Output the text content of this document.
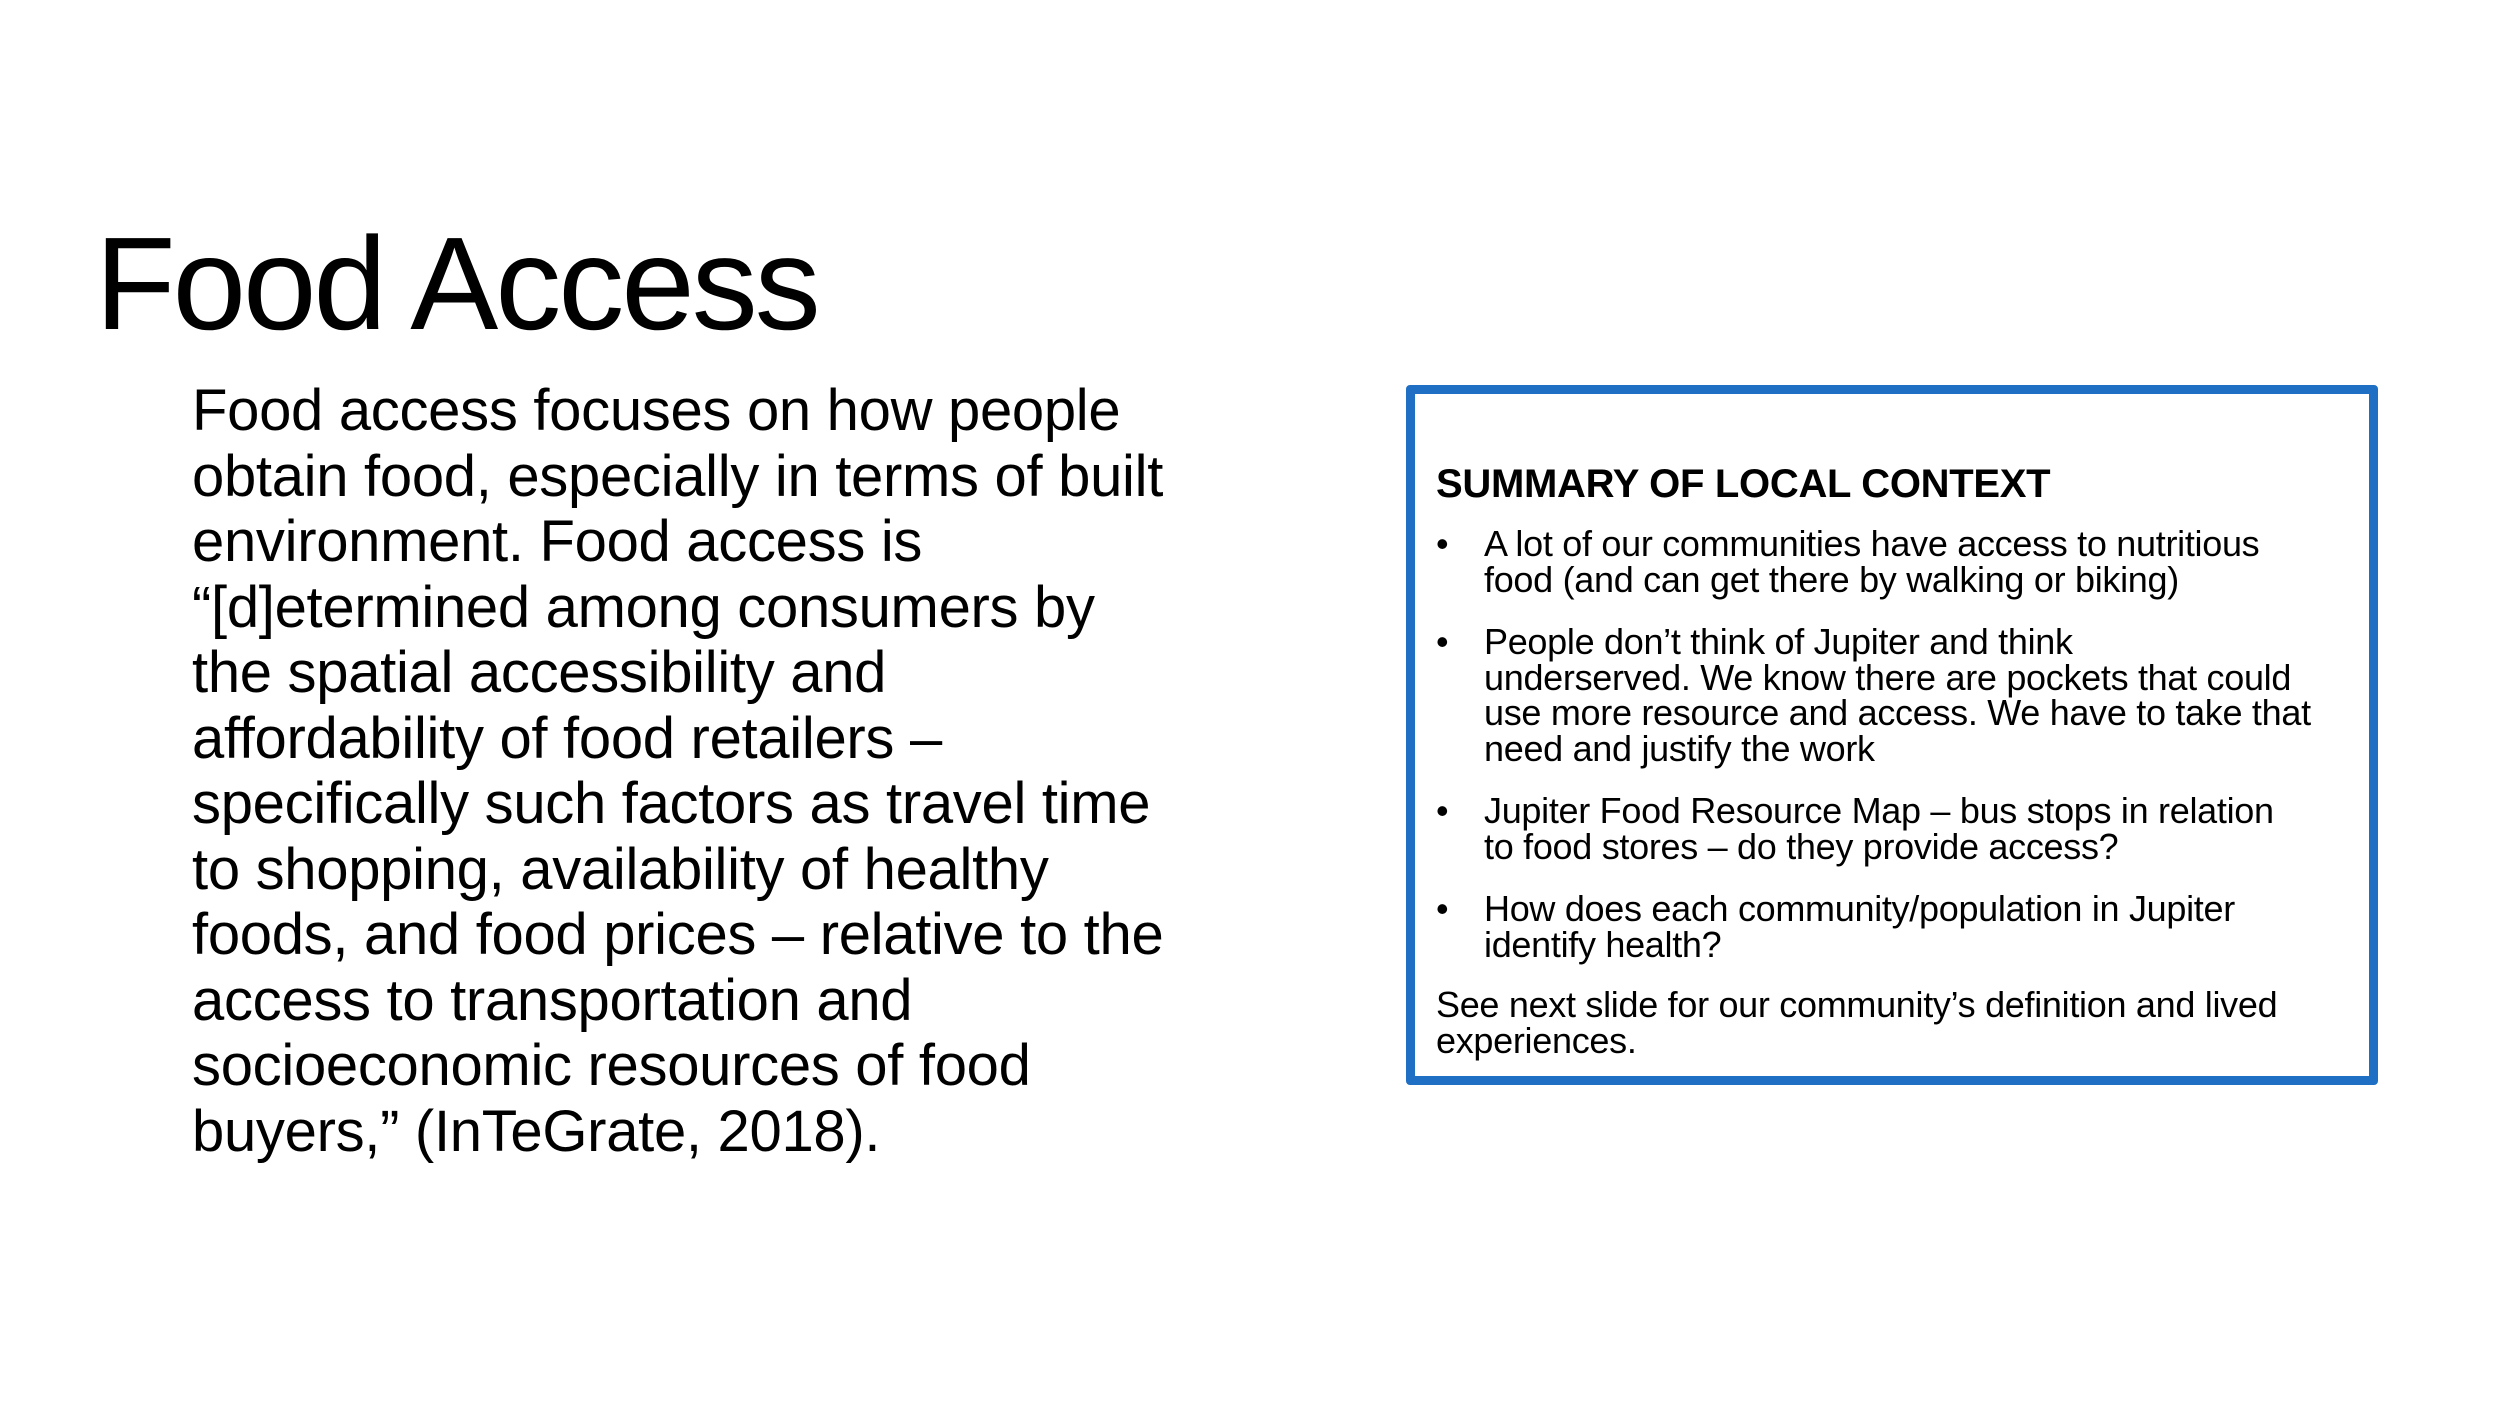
Food Access
Food access focuses on how people
obtain food, especially in terms of built
environment. Food access is
“[d]etermined among consumers by
the spatial accessibility and
affordability of food retailers –
specifically such factors as travel time
to shopping, availability of healthy
foods, and food prices – relative to the
access to transportation and
socioeconomic resources of food
buyers,” (InTeGrate, 2018).
SUMMARY OF LOCAL CONTEXT
• A lot of our communities have access to nutritious
food (and can get there by walking or biking)
• People don’t think of Jupiter and think
underserved. We know there are pockets that could
use more resource and access. We have to take that
need and justify the work
• Jupiter Food Resource Map – bus stops in relation
to food stores – do they provide access?
• How does each community/population in Jupiter
identify health?
See next slide for our community’s definition and lived
experiences.
